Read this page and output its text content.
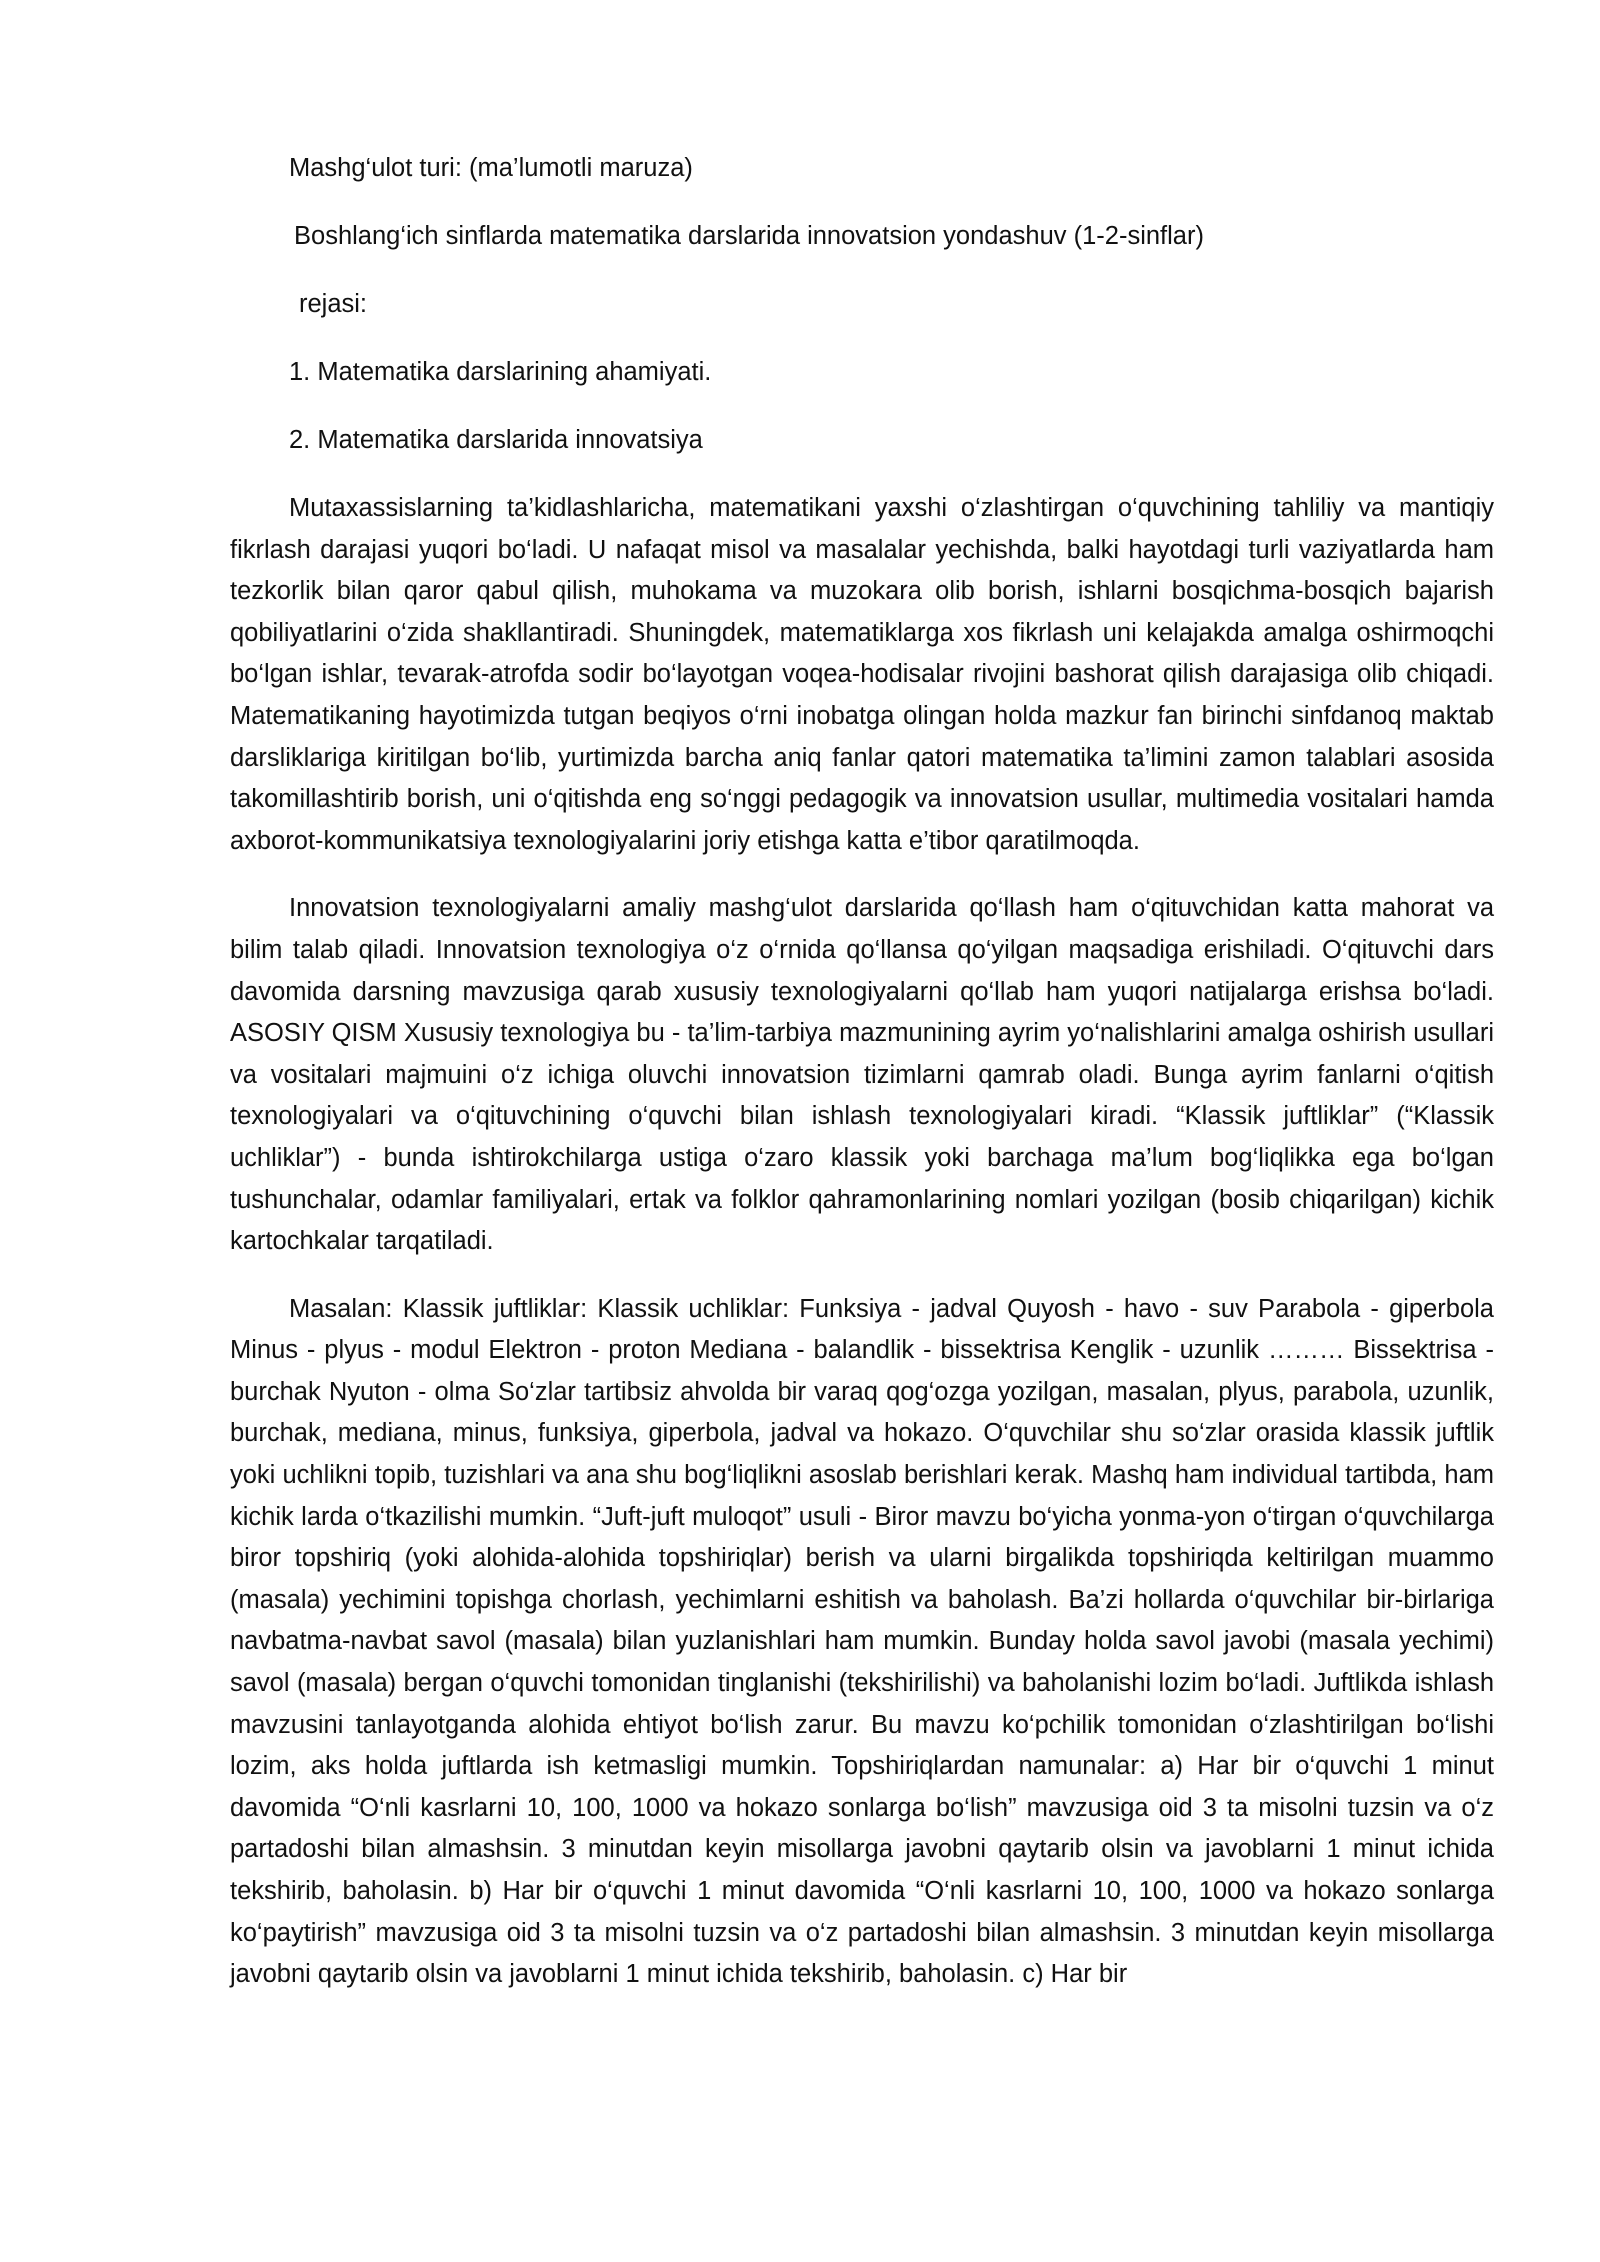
Mashg‘ulot turi: (ma’lumotli maruza)

Boshlang‘ich sinflarda matematika darslarida innovatsion yondashuv (1-2-sinflar)

rejasi:

1. Matematika darslarining ahamiyati.

2. Matematika darslarida innovatsiya

Mutaxassislarning ta’kidlashlaricha, matematikani yaxshi o‘zlashtirgan o‘quvchining tahliliy va mantiqiy fikrlash darajasi yuqori bo‘ladi. U nafaqat misol va masalalar yechishda, balki hayotdagi turli vaziyatlarda ham tezkorlik bilan qaror qabul qilish, muhokama va muzokara olib borish, ishlarni bosqichma-bosqich bajarish qobiliyatlarini o‘zida shakllantiradi. Shuningdek, matematiklarga xos fikrlash uni kelajakda amalga oshirmoqchi bo‘lgan ishlar, tevarak-atrofda sodir bo‘layotgan voqea-hodisalar rivojini bashorat qilish darajasiga olib chiqadi. Matematikaning hayotimizda tutgan beqiyos o‘rni inobatga olingan holda mazkur fan birinchi sinfdanoq maktab darsliklariga kiritilgan bo‘lib, yurtimizda barcha aniq fanlar qatori matematika ta’limini zamon talablari asosida takomillashtirib borish, uni o‘qitishda eng so‘nggi pedagogik va innovatsion usullar, multimedia vositalari hamda axborot-kommunikatsiya texnologiyalarini joriy etishga katta e’tibor qaratilmoqda.

Innovatsion texnologiyalarni amaliy mashg‘ulot darslarida qo‘llash ham o‘qituvchidan katta mahorat va bilim talab qiladi. Innovatsion texnologiya o‘z o‘rnida qo‘llansa qo‘yilgan maqsadiga erishiladi. O‘qituvchi dars davomida darsning mavzusiga qarab xususiy texnologiyalarni qo‘llab ham yuqori natijalarga erishsa bo‘ladi. ASOSIY QISM Xususiy texnologiya bu - ta’lim-tarbiya mazmunining ayrim yo‘nalishlarini amalga oshirish usullari va vositalari majmuini o‘z ichiga oluvchi innovatsion tizimlarni qamrab oladi. Bunga ayrim fanlarni o‘qitish texnologiyalari va o‘qituvchining o‘quvchi bilan ishlash texnologiyalari kiradi. “Klassik juftliklar” (“Klassik uchliklar”) - bunda ishtirokchilarga ustiga o‘zaro klassik yoki barchaga ma’lum bog‘liqlikka ega bo‘lgan tushunchalar, odamlar familiyalari, ertak va folklor qahramonlarining nomlari yozilgan (bosib chiqarilgan) kichik kartochkalar tarqatiladi.

Masalan: Klassik juftliklar: Klassik uchliklar: Funksiya - jadval Quyosh - havo - suv Parabola - giperbola Minus - plyus - modul Elektron - proton Mediana - balandlik - bissektrisa Kenglik - uzunlik ……… Bissektrisa - burchak Nyuton - olma So‘zlar tartibsiz ahvolda bir varaq qog‘ozga yozilgan, masalan, plyus, parabola, uzunlik, burchak, mediana, minus, funksiya, giperbola, jadval va hokazo. O‘quvchilar shu so‘zlar orasida klassik juftlik yoki uchlikni topib, tuzishlari va ana shu bog‘liqlikni asoslab berishlari kerak. Mashq ham individual tartibda, ham kichik larda o‘tkazilishi mumkin. “Juft-juft muloqot” usuli - Biror mavzu bo‘yicha yonma-yon o‘tirgan o‘quvchilarga biror topshiriq (yoki alohida-alohida topshiriqlar) berish va ularni birgalikda topshiriqda keltirilgan muammo (masala) yechimini topishga chorlash, yechimlarni eshitish va baholash. Ba’zi hollarda o‘quvchilar bir-birlariga navbatma-navbat savol (masala) bilan yuzlanishlari ham mumkin. Bunday holda savol javobi (masala yechimi) savol (masala) bergan o‘quvchi tomonidan tinglanishi (tekshirilishi) va baholanishi lozim bo‘ladi. Juftlikda ishlash mavzusini tanlayotganda alohida ehtiyot bo‘lish zarur. Bu mavzu ko‘pchilik tomonidan o‘zlashtirilgan bo‘lishi lozim, aks holda juftlarda ish ketmasligi mumkin. Topshiriqlardan namunalar: a) Har bir o‘quvchi 1 minut davomida “O‘nli kasrlarni 10, 100, 1000 va hokazo sonlarga bo‘lish” mavzusiga oid 3 ta misolni tuzsin va o‘z partadoshi bilan almashsin. 3 minutdan keyin misollarga javobni qaytarib olsin va javoblarni 1 minut ichida tekshirib, baholasin. b) Har bir o‘quvchi 1 minut davomida “O‘nli kasrlarni 10, 100, 1000 va hokazo sonlarga ko‘paytirish” mavzusiga oid 3 ta misolni tuzsin va o‘z partadoshi bilan almashsin. 3 minutdan keyin misollarga javobni qaytarib olsin va javoblarni 1 minut ichida tekshirib, baholasin. c) Har bir
